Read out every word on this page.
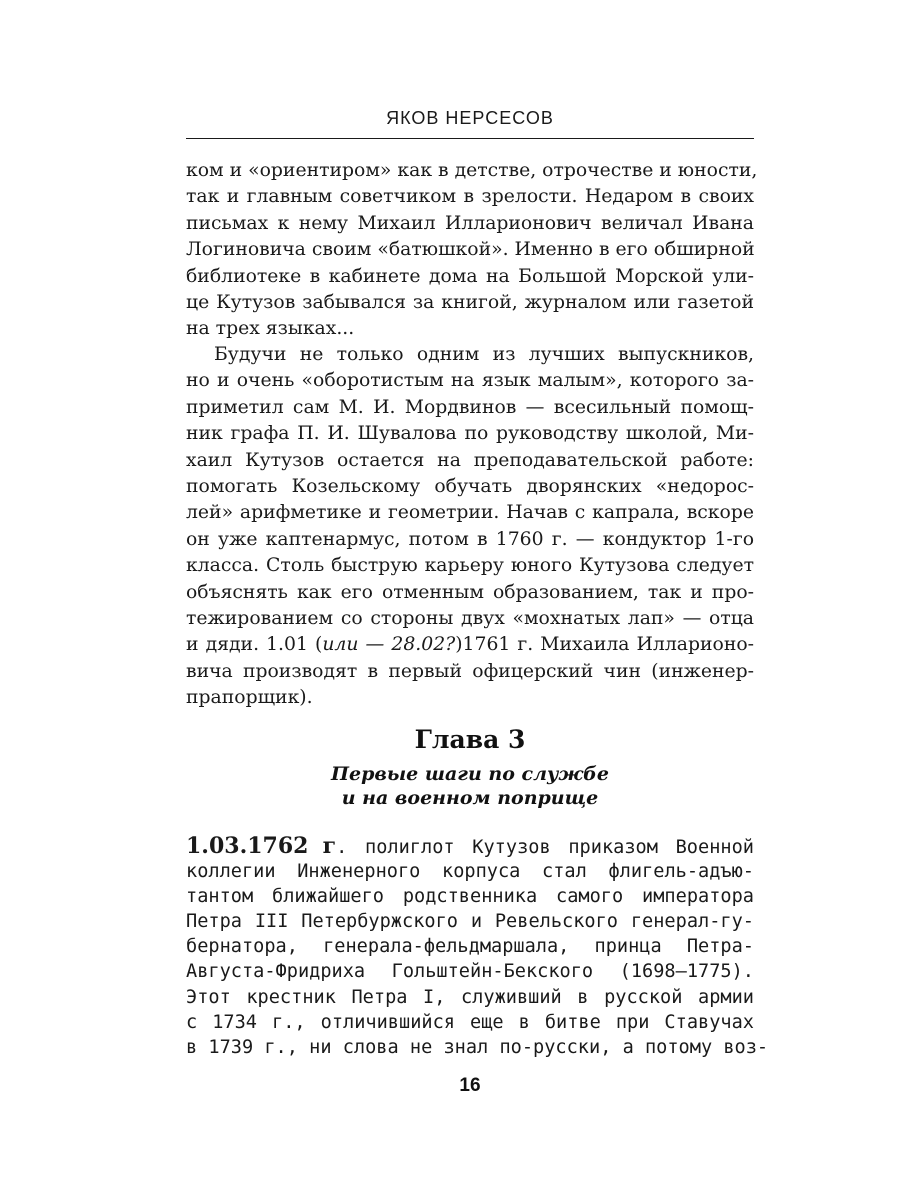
ЯКОВ НЕРСЕСОВ
ком и «ориентиром» как в детстве, отрочестве и юности,
так и главным советчиком в зрелости. Недаром в своих
письмах к нему Михаил Илларионович величал Ивана
Логиновича своим «батюшкой». Именно в его обширной
библиотеке в кабинете дома на Большой Морской ули-
це Кутузов забывался за книгой, журналом или газетой
на трех языках...
Будучи не только одним из лучших выпускников,
но и очень «оборотистым на язык малым», которого за-
приметил сам М. И. Мордвинов — всесильный помощ-
ник графа П. И. Шувалова по руководству школой, Ми-
хаил Кутузов остается на преподавательской работе:
помогать Козельскому обучать дворянских «недорос-
лей» арифметике и геометрии. Начав с капрала, вскоре
он уже каптенармус, потом в 1760 г. — кондуктор 1-го
класса. Столь быструю карьеру юного Кутузова следует
объяснять как его отменным образованием, так и про-
тежированием со стороны двух «мохнатых лап» — отца
и дяди. 1.01 (или — 28.02?)1761 г. Михаила Илларионо-
вича производят в первый офицерский чин (инженер-
прапорщик).
Глава 3
Первые шаги по службе
и на военном поприще
1.03.1762 г. полиглот Кутузов приказом Военной
коллегии Инженерного корпуса стал флигель-адъю-
тантом ближайшего родственника самого императора
Петра III Петербуржского и Ревельского генерал-гу-
бернатора, генерала-фельдмаршала, принца Петра-
Августа-Фридриха Гольштейн-Бекского (1698—1775).
Этот крестник Петра I, служивший в русской армии
с 1734 г., отличившийся еще в битве при Ставучах
в 1739 г., ни слова не знал по-русски, а потому воз-
16
